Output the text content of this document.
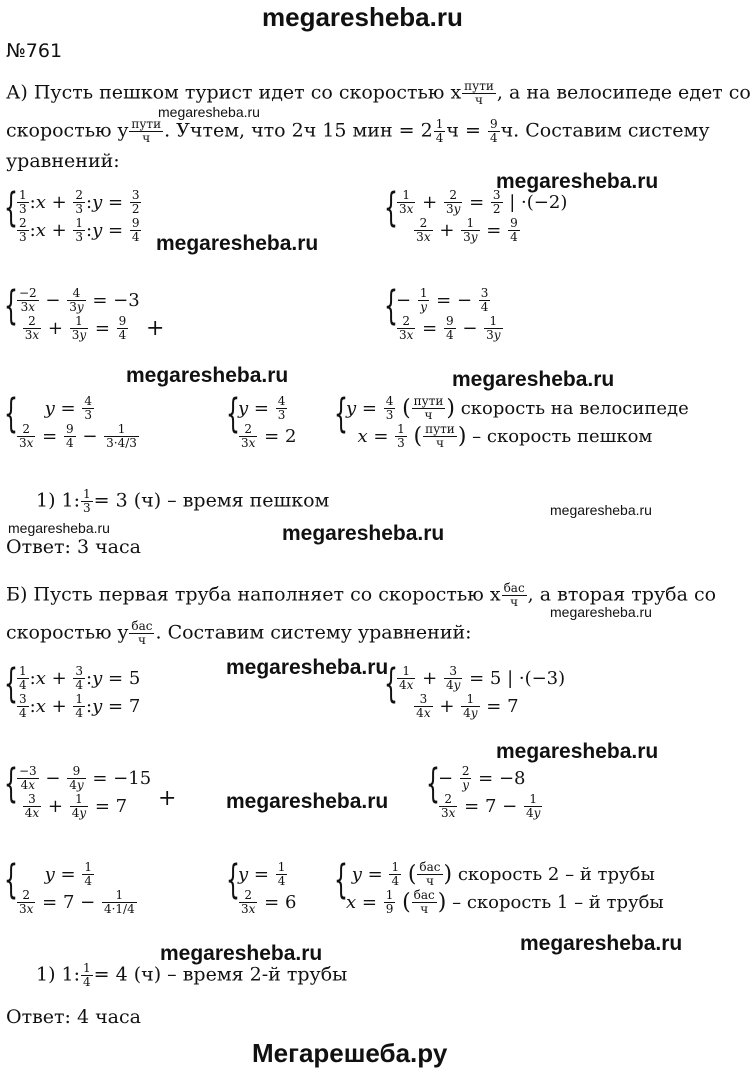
megaresheba.ru
Мегарешеба.ру
№761
А) Пусть пешком турист идет со скоростью x $\frac{\text{пути}}{ч}$ , а на велосипеде едет со
megaresheba.ru
скоростью y $\frac{\text{пути}}{ч}$ . Учтем, что 2ч 15 мин = $2 \frac{1}{4}$ $ч = \frac{9}{4} ч$. Составим систему
уравнений:
megaresheba.ru
megaresheba.ru
megaresheba.ru	megaresheba.ru
megaresheba.ru
megaresheba.ru
{ $\frac{1}{3}$ : $x + \frac{2}{3}$ : $y = \frac{3}{2}$
$\frac{2}{3}$ : $x + \frac{1}{3}$ : $y = \frac{9}{4}$	{ $\frac{1}{3x} + \frac{2}{3y} = \frac{3}{2}$ | ·(−2)

$\frac{2}{3x} + \frac{1}{3y} = \frac{9}{4}$
{ $\frac{-2}{3x} - \frac{4}{3y} = -3$

$\frac{2}{3x} + \frac{1}{3y} = \frac{9}{4}$ +	{
− $\frac{1}{y}$ = − $\frac{3}{4}$
$\frac{2}{3x} = \frac{9}{4} - \frac{1}{3y}$
{
$y = \frac{4}{3}$
$\frac{2}{3x} = \frac{9}{4} - \frac{1}{3\cdot 4/3}$ {
$y = \frac{4}{3}$
$\frac{2}{3x} = 2$ {
$y = \frac{4}{3}$
( $\frac{\text{пути}}{ч}$ )
скорость на велосипеде

$x = \frac{1}{3}$
( $\frac{\text{пути}}{ч}$ )
– скорость пешком
1) 1: $\frac{1}{3} = 3$ (ч) – время пешком
megaresheba.ru
Ответ: 3 часа
Б) Пусть первая труба наполняет со скоростью x $\frac{\text{бас}}{ч}$ , а вторая труба со
megaresheba.ru
скоростью y $\frac{\text{бас}}{ч}$ . Составим систему уравнений:
megaresheba.ru
megaresheba.ru
megaresheba.ru
megaresheba.ru	megaresheba.ru
{ $\frac{1}{4}$ : $x + \frac{3}{4}$ : y = 5
$\frac{3}{4}$ : $x + \frac{1}{4}$ : y = 7	{ $\frac{1}{4x} + \frac{3}{4y} = 5$ | ·(−3)

$\frac{3}{4x} + \frac{1}{4y} = 7$
{ $\frac{-3}{4x} - \frac{9}{4y} = -15$

$\frac{3}{4x} + \frac{1}{4y} = 7$	+	{
− $\frac{2}{y} = -8$
$\frac{2}{3x} = 7 - \frac{1}{4y}$
{
$y = \frac{1}{4}$
$\frac{2}{3x} = 7 - \frac{1}{4\cdot 1/4}$ {
$y = \frac{1}{4}$
$\frac{2}{3x} = 6$ {
$y = \frac{1}{4}$
( $\frac{\text{бас}}{ч}$ )
скорость 2 – й трубы
$x = \frac{1}{9}$
( $\frac{\text{бас}}{ч}$ )
– скорость 1 – й трубы
1) 1: $\frac{1}{4} = 4$ (ч) – время 2-й трубы
Ответ: 4 часа
